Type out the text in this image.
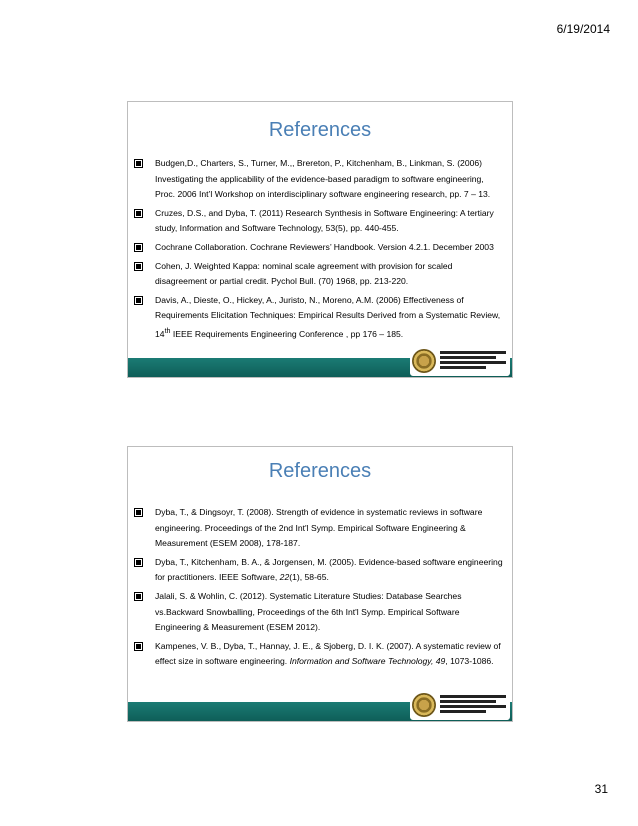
6/19/2014
References
Budgen,D., Charters, S., Turner, M.,, Brereton, P., Kitchenham, B., Linkman, S. (2006) Investigating the applicability of the evidence-based paradigm to software engineering, Proc. 2006 Int’l Workshop on interdisciplinary software engineering research, pp. 7 – 13.
Cruzes, D.S., and Dyba, T. (2011) Research Synthesis in Software Engineering: A tertiary study, Information and Software Technology, 53(5), pp. 440-455.
Cochrane Collaboration. Cochrane Reviewers’ Handbook. Version 4.2.1. December 2003
Cohen, J. Weighted Kappa: nominal scale agreement with provision for scaled disagreement or partial credit. Pychol Bull. (70) 1968, pp. 213-220.
Davis, A., Dieste, O., Hickey, A., Juristo, N., Moreno, A.M. (2006) Effectiveness of Requirements Elicitation Techniques: Empirical Results Derived from a Systematic Review, 14th IEEE Requirements Engineering Conference , pp 176 – 185.
References
Dyba, T., & Dingsoyr, T. (2008). Strength of evidence in systematic reviews in software engineering. Proceedings of the 2nd Int'l Symp. Empirical Software Engineering & Measurement (ESEM 2008), 178-187.
Dyba, T., Kitchenham, B. A., & Jorgensen, M. (2005). Evidence-based software engineering for practitioners. IEEE Software, 22(1), 58-65.
Jalali, S. & Wohlin, C. (2012). Systematic Literature Studies: Database Searches vs.Backward Snowballing, Proceedings of the 6th Int'l Symp. Empirical Software Engineering & Measurement (ESEM 2012).
Kampenes, V. B., Dyba, T., Hannay, J. E., & Sjoberg, D. I. K. (2007). A systematic review of effect size in software engineering. Information and Software Technology, 49, 1073-1086.
31
